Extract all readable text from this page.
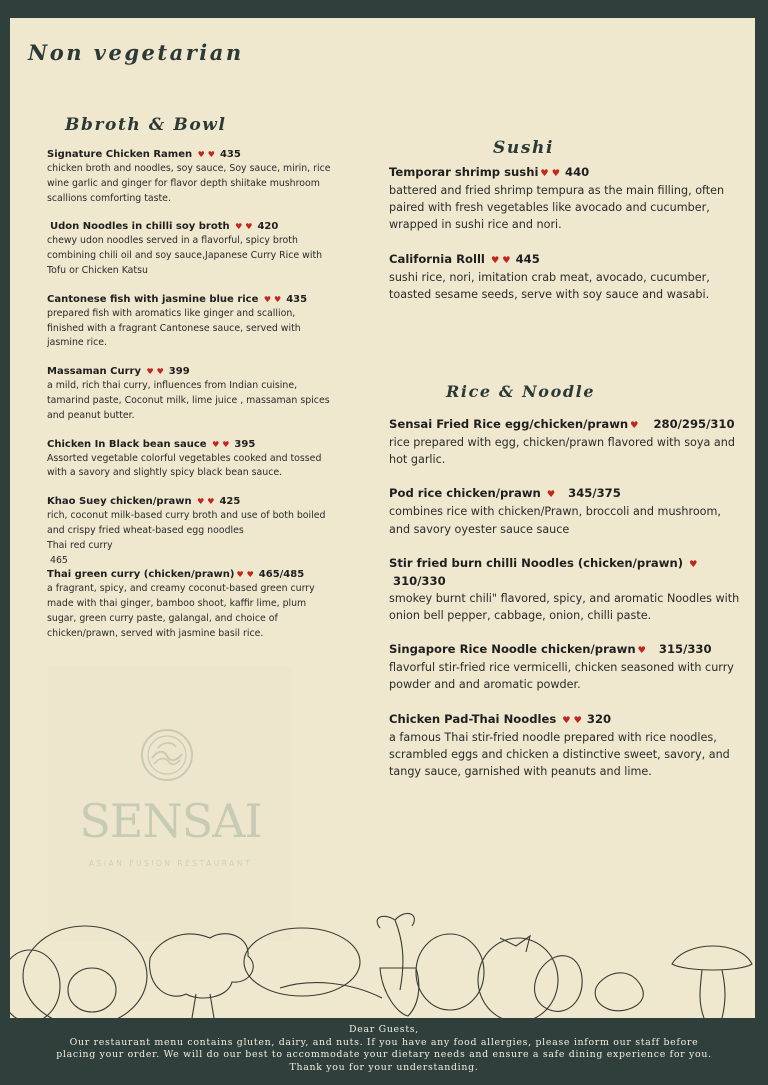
Non vegetarian
Bbroth & Bowl
Sushi
Rice & Noodle
Signature Chicken Ramen ♥ ♥	435
chicken broth and noodles, soy sauce, Soy sauce, mirin, rice wine garlic and ginger for flavor depth shiitake mushroom scallions comforting taste.
Udon Noodles in chilli soy broth ♥ ♥	420
chewy udon noodles served in a flavorful, spicy broth combining chili oil and soy sauce,Japanese Curry Rice with Tofu or Chicken Katsu
Cantonese fish with jasmine blue rice ♥ ♥	435
prepared fish with aromatics like ginger and scallion, finished with a fragrant Cantonese sauce, served with jasmine rice.
Massaman Curry ♥ ♥	399
a mild, rich thai curry, influences from Indian cuisine, tamarind paste, Coconut milk, lime juice , massaman spices and peanut butter.
Chicken In Black bean sauce ♥ ♥	395
Assorted vegetable colorful vegetables cooked and tossed with a savory and slightly spicy black bean sauce.
Khao Suey chicken/prawn ♥ ♥	425
rich, coconut milk-based curry broth and use of both boiled and crispy fried wheat-based egg noodles
Thai red curry
465
Thai green curry (chicken/prawn) ♥ ♥ 465/485
a fragrant, spicy, and creamy coconut-based green curry made with thai ginger, bamboo shoot, kaffir lime, plum sugar, green curry paste, galangal, and choice of chicken/prawn, served with jasmine basil rice.
Temporar shrimp sushi ♥ ♥ 440
battered and fried shrimp tempura as the main filling, often paired with fresh vegetables like avocado and cucumber, wrapped in sushi rice and nori.
California Rolll ♥ ♥	445
sushi rice, nori, imitation crab meat, avocado, cucumber, toasted sesame seeds, serve with soy sauce and wasabi.
Sensai Fried Rice egg/chicken/prawn♥ 280/295/310
rice prepared with egg, chicken/prawn flavored with soya and hot garlic.
Pod rice chicken/prawn ♥ 345/375
combines rice with chicken/Prawn, broccoli and mushroom, and savory oyester sauce sauce
Stir fried burn chilli Noodles (chicken/prawn) ♥310/330
smokey burnt chili" flavored, spicy, and aromatic Noodles with onion bell pepper, cabbage, onion, chilli paste.
Singapore Rice Noodle chicken/prawn ♥ 315/330
flavorful stir-fried rice vermicelli, chicken seasoned with curry powder and and aromatic powder.
Chicken Pad-Thai Noodles ♥ ♥	320
a famous Thai stir-fried noodle prepared with rice noodles, scrambled eggs and chicken a distinctive sweet, savory, and tangy sauce, garnished with peanuts and lime.
SENSAI
ASIAN FUSION RESTAURANT
Dear Guests,
Our restaurant menu contains gluten, dairy, and nuts. If you have any food allergies, please inform our staff before
placing your order. We will do our best to accommodate your dietary needs and ensure a safe dining experience for you.
Thank you for your understanding.
